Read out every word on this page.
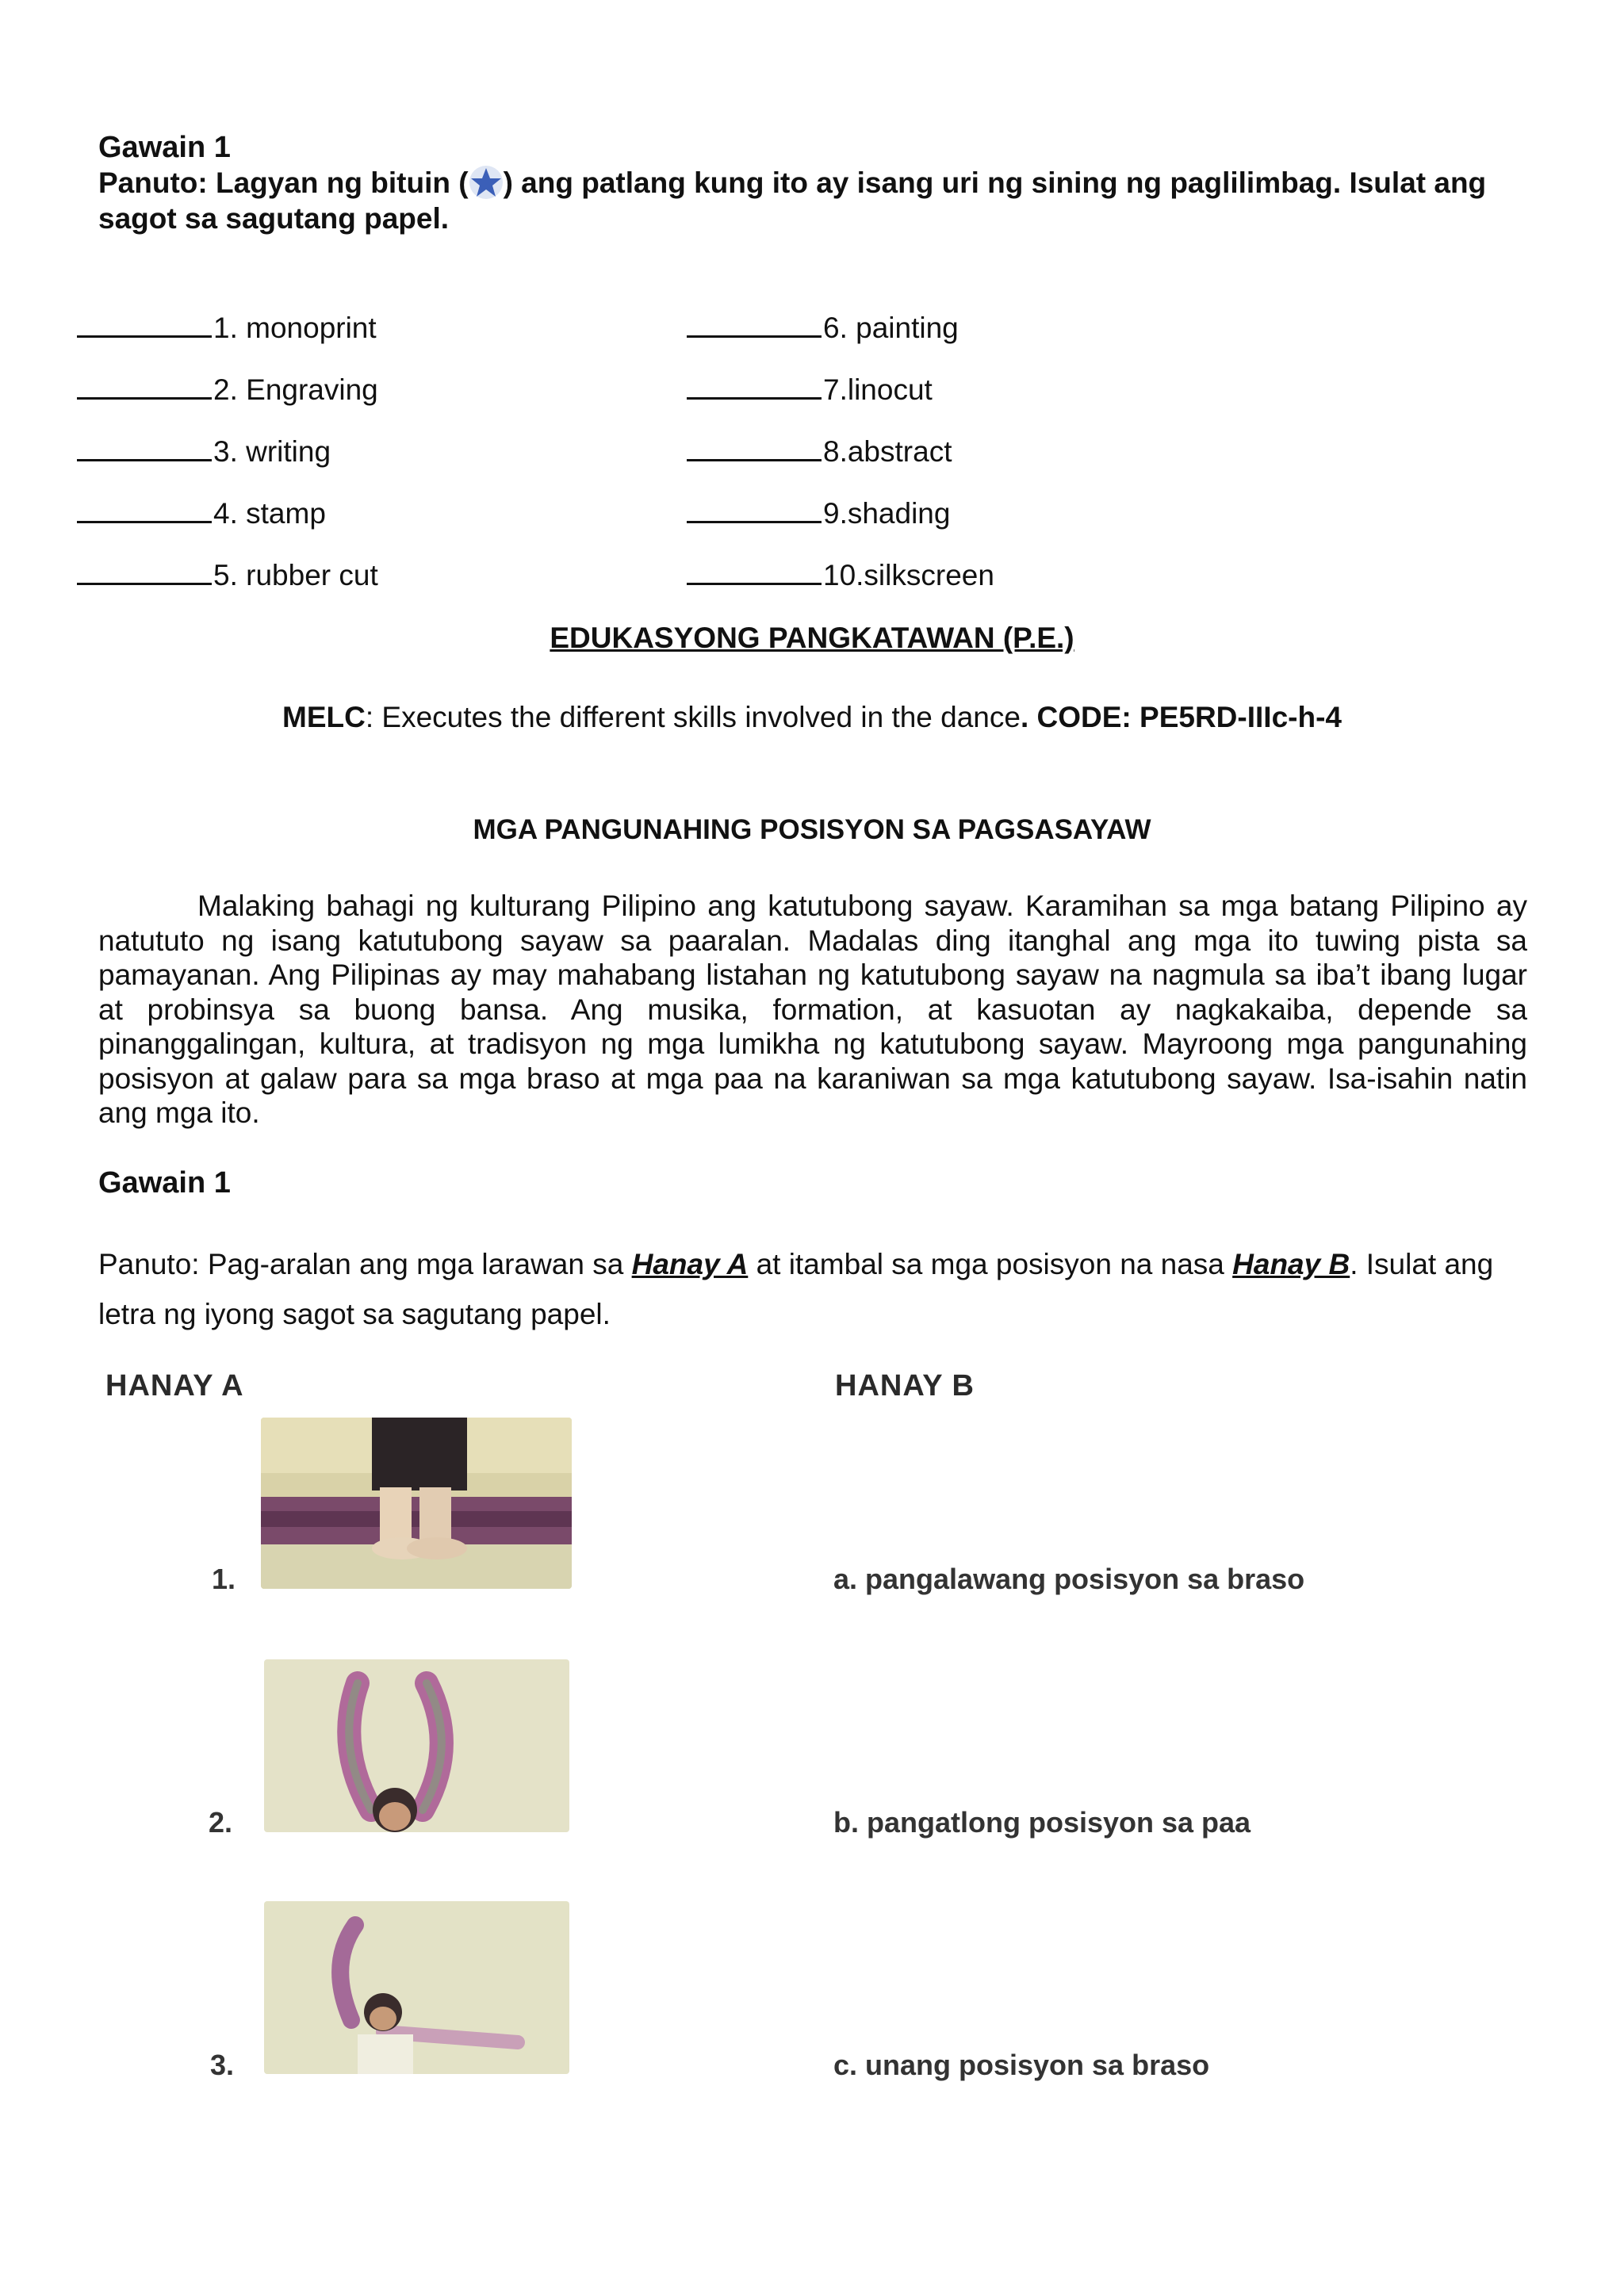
Gawain 1
Panuto: Lagyan ng bituin ( ) ang patlang kung ito ay isang uri ng sining ng paglilimbag. Isulat ang sagot sa sagutang papel.
1. monoprint
2. Engraving
3. writing
4. stamp
5. rubber cut
6. painting
7.linocut
8.abstract
9.shading
10.silkscreen
EDUKASYONG PANGKATAWAN (P.E.)
MELC: Executes the different skills involved in the dance. CODE: PE5RD-IIIc-h-4
MGA PANGUNAHING POSISYON SA PAGSASAYAW
Malaking bahagi ng kulturang Pilipino ang katutubong sayaw. Karamihan sa mga batang Pilipino ay natututo ng isang katutubong sayaw sa paaralan. Madalas ding itanghal ang mga ito tuwing pista sa pamayanan. Ang Pilipinas ay may mahabang listahan ng katutubong sayaw na nagmula sa iba’t ibang lugar at probinsya sa buong bansa. Ang musika, formation, at kasuotan ay nagkakaiba, depende sa pinanggalingan, kultura, at tradisyon ng mga lumikha ng katutubong sayaw. Mayroong mga pangunahing posisyon at galaw para sa mga braso at mga paa na karaniwan sa mga katutubong sayaw. Isa-isahin natin ang mga ito.
Gawain 1
Panuto: Pag-aralan ang mga larawan sa Hanay A at itambal sa mga posisyon na nasa Hanay B. Isulat ang letra ng iyong sagot sa sagutang papel.
HANAY A	HANAY B
1.
2.
3.
a. pangalawang posisyon sa braso
b. pangatlong posisyon sa paa
c. unang posisyon sa braso
